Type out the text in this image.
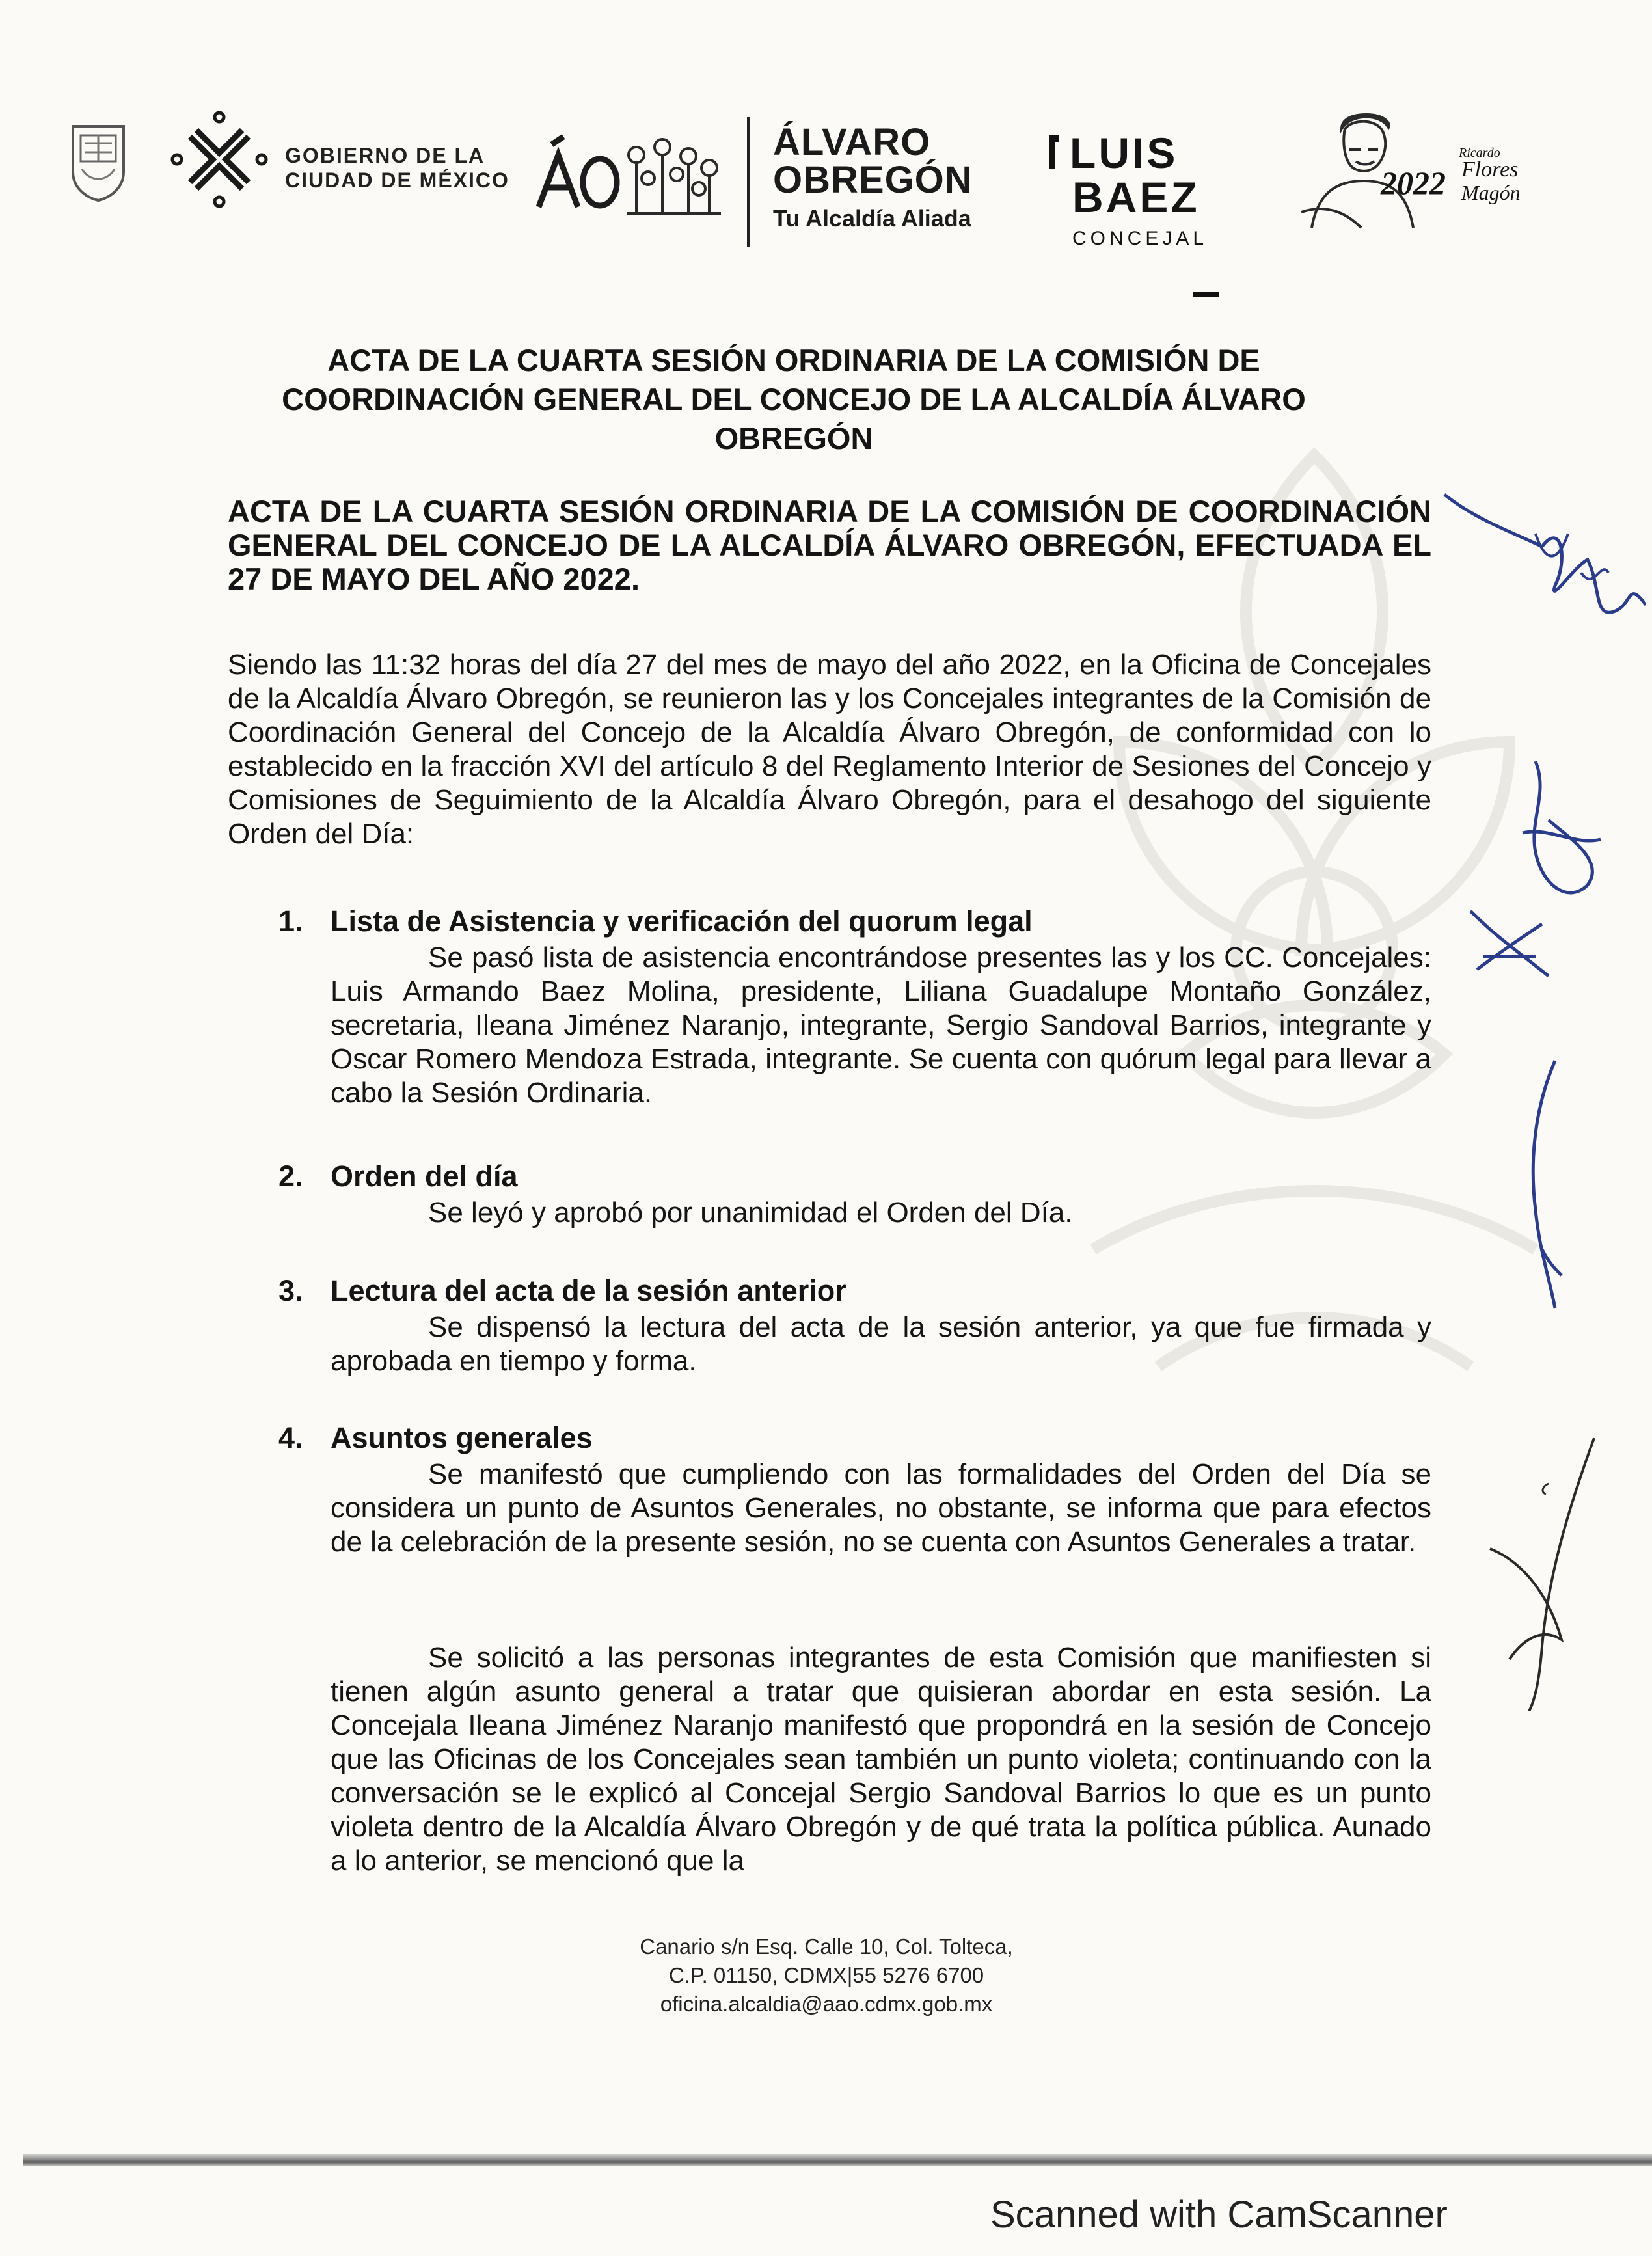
GOBIERNO DE LA
CIUDAD DE MÉXICO
ÁLVARO
OBREGÓN
Tu Alcaldía Aliada
LUIS
BAEZ
CONCEJAL
2022
Ricardo
Flores
Magón
ACTA DE LA CUARTA SESIÓN ORDINARIA DE LA COMISIÓN DE COORDINACIÓN GENERAL DEL CONCEJO DE LA ALCALDÍA ÁLVARO OBREGÓN
ACTA DE LA CUARTA SESIÓN ORDINARIA DE LA COMISIÓN DE COORDINACIÓN GENERAL DEL CONCEJO DE LA ALCALDÍA ÁLVARO OBREGÓN, EFECTUADA EL 27 DE MAYO DEL AÑO 2022.
Siendo las 11:32 horas del día 27 del mes de mayo del año 2022, en la Oficina de Concejales de la Alcaldía Álvaro Obregón, se reunieron las y los Concejales integrantes de la Comisión de Coordinación General del Concejo de la Alcaldía Álvaro Obregón, de conformidad con lo establecido en la fracción XVI del artículo 8 del Reglamento Interior de Sesiones del Concejo y Comisiones de Seguimiento de la Alcaldía Álvaro Obregón, para el desahogo del siguiente Orden del Día:
1. Lista de Asistencia y verificación del quorum legal
Se pasó lista de asistencia encontrándose presentes las y los CC. Concejales: Luis Armando Baez Molina, presidente, Liliana Guadalupe Montaño González, secretaria, Ileana Jiménez Naranjo, integrante, Sergio Sandoval Barrios, integrante y Oscar Romero Mendoza Estrada, integrante. Se cuenta con quórum legal para llevar a cabo la Sesión Ordinaria.
2. Orden del día
Se leyó y aprobó por unanimidad el Orden del Día.
3. Lectura del acta de la sesión anterior
Se dispensó la lectura del acta de la sesión anterior, ya que fue firmada y aprobada en tiempo y forma.
4. Asuntos generales
Se manifestó que cumpliendo con las formalidades del Orden del Día se considera un punto de Asuntos Generales, no obstante, se informa que para efectos de la celebración de la presente sesión, no se cuenta con Asuntos Generales a tratar.
Se solicitó a las personas integrantes de esta Comisión que manifiesten si tienen algún asunto general a tratar que quisieran abordar en esta sesión. La Concejala Ileana Jiménez Naranjo manifestó que propondrá en la sesión de Concejo que las Oficinas de los Concejales sean también un punto violeta; continuando con la conversación se le explicó al Concejal Sergio Sandoval Barrios lo que es un punto violeta dentro de la Alcaldía Álvaro Obregón y de qué trata la política pública. Aunado a lo anterior, se mencionó que la
Canario s/n Esq. Calle 10, Col. Tolteca,
C.P. 01150, CDMX|55 5276 6700
oficina.alcaldia@aao.cdmx.gob.mx
Scanned with CamScanner
